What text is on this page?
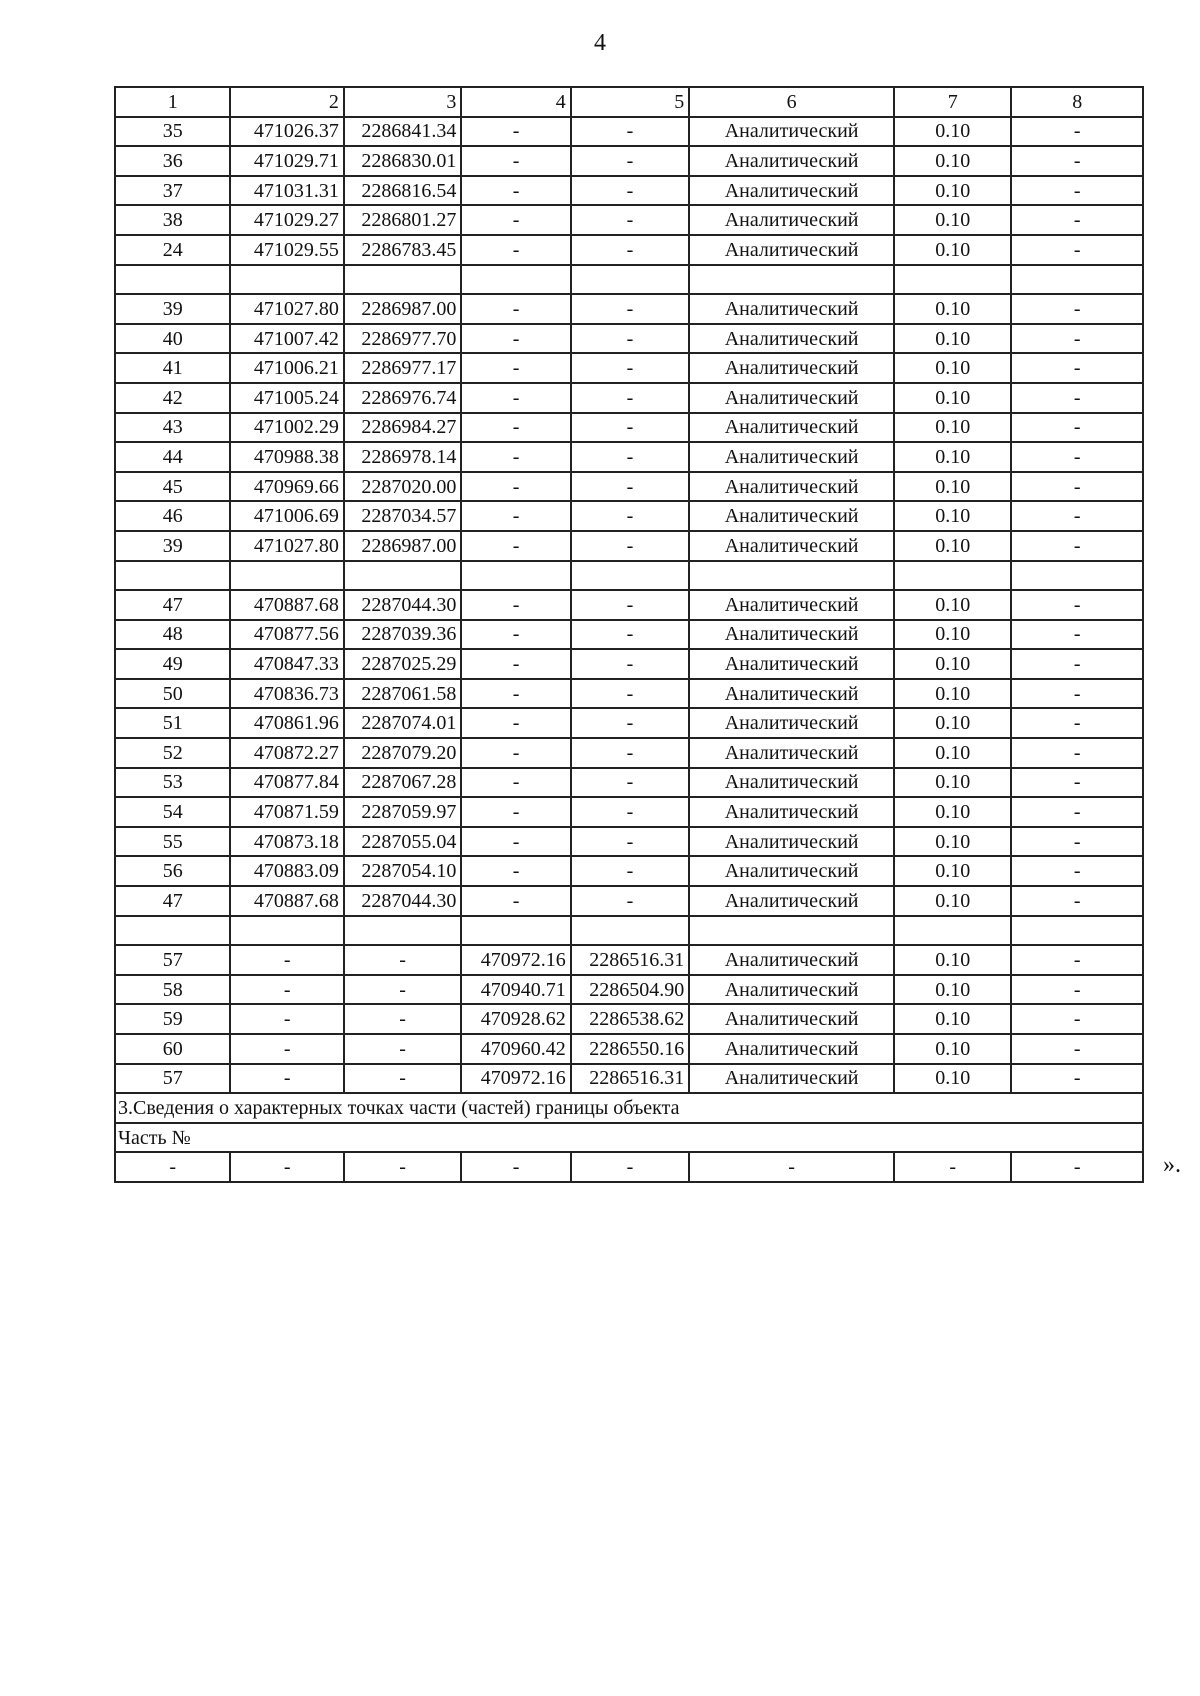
4
1	2	3	4	5	6	7	8
35	471026.37	2286841.34	-	-	Аналитический	0.10	-
36	471029.71	2286830.01	-	-	Аналитический	0.10	-
37	471031.31	2286816.54	-	-	Аналитический	0.10	-
38	471029.27	2286801.27	-	-	Аналитический	0.10	-
24	471029.55	2286783.45	-	-	Аналитический	0.10	-

39	471027.80	2286987.00	-	-	Аналитический	0.10	-
40	471007.42	2286977.70	-	-	Аналитический	0.10	-
41	471006.21	2286977.17	-	-	Аналитический	0.10	-
42	471005.24	2286976.74	-	-	Аналитический	0.10	-
43	471002.29	2286984.27	-	-	Аналитический	0.10	-
44	470988.38	2286978.14	-	-	Аналитический	0.10	-
45	470969.66	2287020.00	-	-	Аналитический	0.10	-
46	471006.69	2287034.57	-	-	Аналитический	0.10	-
39	471027.80	2286987.00	-	-	Аналитический	0.10	-

47	470887.68	2287044.30	-	-	Аналитический	0.10	-
48	470877.56	2287039.36	-	-	Аналитический	0.10	-
49	470847.33	2287025.29	-	-	Аналитический	0.10	-
50	470836.73	2287061.58	-	-	Аналитический	0.10	-
51	470861.96	2287074.01	-	-	Аналитический	0.10	-
52	470872.27	2287079.20	-	-	Аналитический	0.10	-
53	470877.84	2287067.28	-	-	Аналитический	0.10	-
54	470871.59	2287059.97	-	-	Аналитический	0.10	-
55	470873.18	2287055.04	-	-	Аналитический	0.10	-
56	470883.09	2287054.10	-	-	Аналитический	0.10	-
47	470887.68	2287044.30	-	-	Аналитический	0.10	-

57	-	-	470972.16	2286516.31	Аналитический	0.10	-
58	-	-	470940.71	2286504.90	Аналитический	0.10	-
59	-	-	470928.62	2286538.62	Аналитический	0.10	-
60	-	-	470960.42	2286550.16	Аналитический	0.10	-
57	-	-	470972.16	2286516.31	Аналитический	0.10	-
3.Сведения о характерных точках части (частей) границы объекта							
Часть №							
-	-	-	-	-	-	-	-	».
